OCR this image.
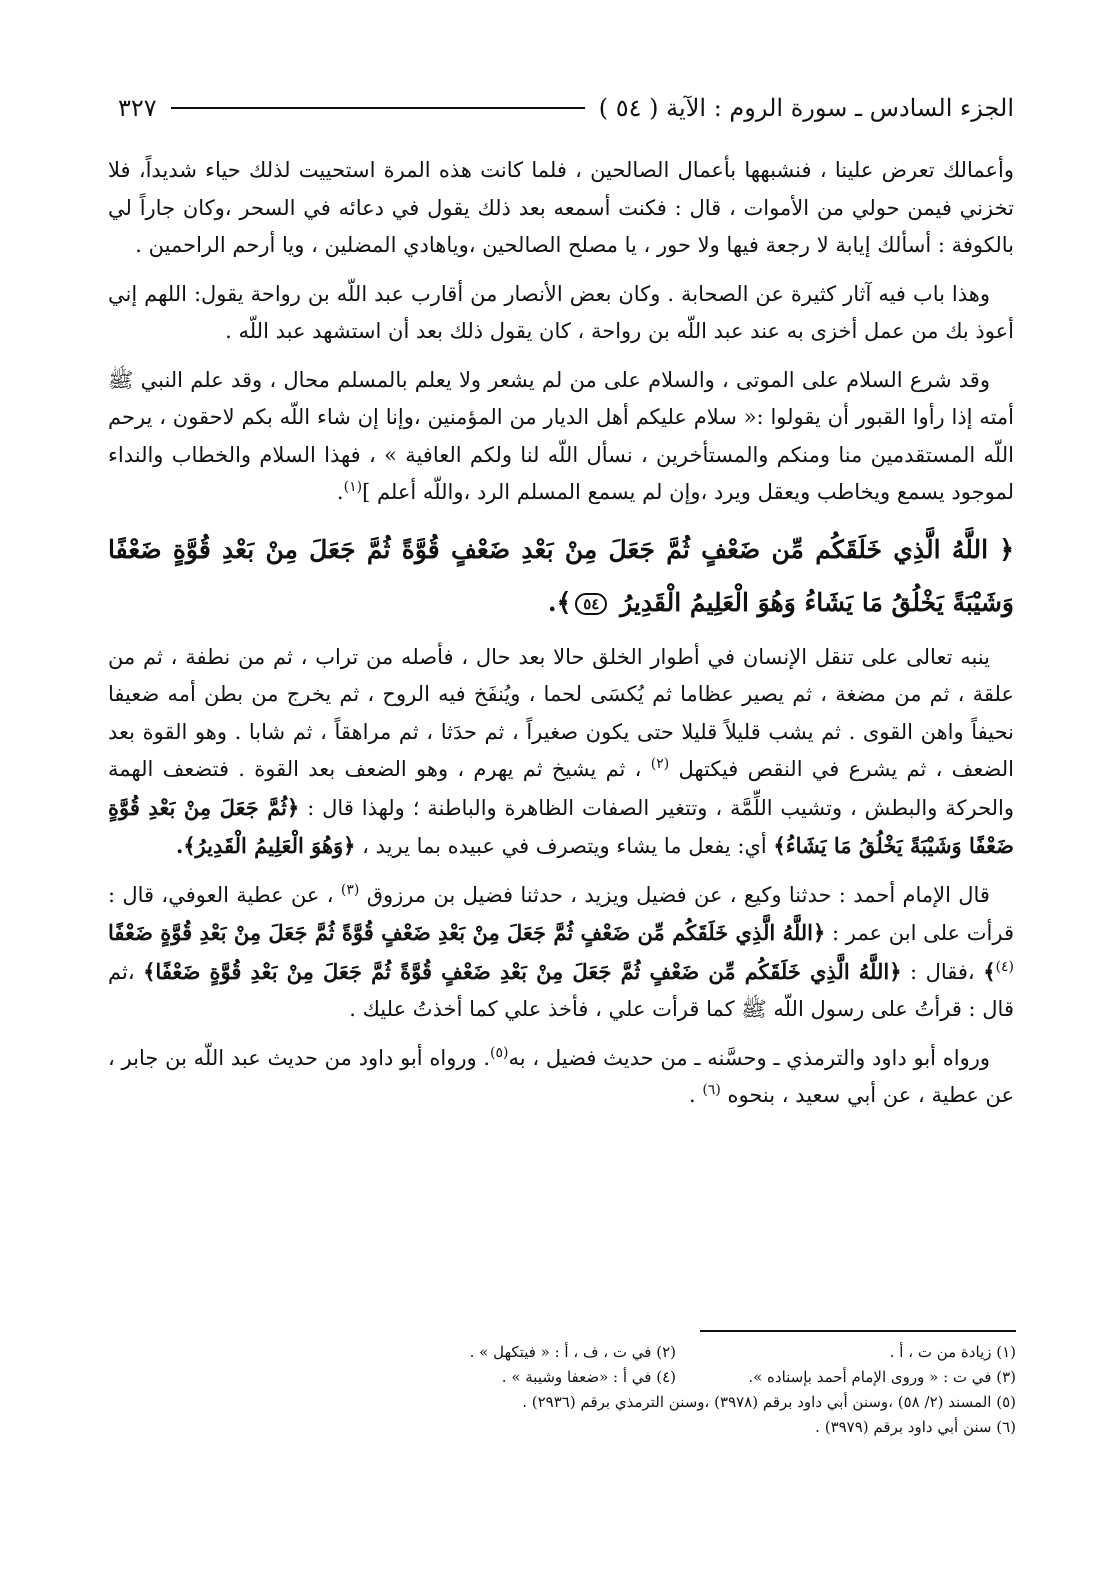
الجزء السادس ـ سورة الروم : الآية ( ٥٤ )
٣٢٧

وأعمالك تعرض علينا ، فنشبهها بأعمال الصالحين ، فلما كانت هذه المرة استحييت لذلك حياء شديداً، فلا تخزني فيمن حولي من الأموات ، قال : فكنت أسمعه بعد ذلك يقول في دعائه في السحر ،وكان جاراً لي بالكوفة : أسألك إيابة لا رجعة فيها ولا حور ، يا مصلح الصالحين ،وياهادي المضلين ، ويا أرحم الراحمين .

وهذا باب فيه آثار كثيرة عن الصحابة . وكان بعض الأنصار من أقارب عبد اللّه بن رواحة يقول: اللهم إني أعوذ بك من عمل أخزى به عند عبد اللّه بن رواحة ، كان يقول ذلك بعد أن استشهد عبد اللّه .

وقد شرع السلام على الموتى ، والسلام على من لم يشعر ولا يعلم بالمسلم محال ، وقد علم النبي ﷺ أمته إذا رأوا القبور أن يقولوا :« سلام عليكم أهل الديار من المؤمنين ،وإنا إن شاء اللّه بكم لاحقون ، يرحم اللّه المستقدمين منا ومنكم والمستأخرين ، نسأل اللّه لنا ولكم العافية » ، فهذا السلام والخطاب والنداء لموجود يسمع ويخاطب ويعقل ويرد ،وإن لم يسمع المسلم الرد ،واللّه أعلم ]$^{(١)}$.

﴿ اللَّهُ الَّذِي خَلَقَكُم مِّن ضَعْفٍ ثُمَّ جَعَلَ مِنْ بَعْدِ ضَعْفٍ قُوَّةً ثُمَّ جَعَلَ مِنْ بَعْدِ قُوَّةٍ ضَعْفًا وَشَيْبَةً يَخْلُقُ مَا يَشَاءُ وَهُوَ الْعَلِيمُ الْقَدِيرُ ٥٤﴾.

ينبه تعالى على تنقل الإنسان في أطوار الخلق حالا بعد حال ، فأصله من تراب ، ثم من نطفة ، ثم من علقة ، ثم من مضغة ، ثم يصير عظاما ثم يُكسَى لحما ، ويُنفَخ فيه الروح ، ثم يخرج من بطن أمه ضعيفا نحيفاً واهن القوى . ثم يشب قليلاً قليلا حتى يكون صغيراً ، ثم حدَثا ، ثم مراهقاً ، ثم شابا . وهو القوة بعد الضعف ، ثم يشرع في النقص فيكتهل $^{(٢)}$ ، ثم يشيخ ثم يهرم ، وهو الضعف بعد القوة . فتضعف الهمة والحركة والبطش ، وتشيب اللِّمَّة ، وتتغير الصفات الظاهرة والباطنة ؛ ولهذا قال : ﴿ثُمَّ جَعَلَ مِنْ بَعْدِ قُوَّةٍ ضَعْفًا وَشَيْبَةً يَخْلُقُ مَا يَشَاءُ﴾ أي: يفعل ما يشاء ويتصرف في عبيده بما يريد ، ﴿وَهُوَ الْعَلِيمُ الْقَدِيرُ﴾.

قال الإمام أحمد : حدثنا وكيع ، عن فضيل ويزيد ، حدثنا فضيل بن مرزوق $^{(٣)}$ ، عن عطية العوفي، قال : قرأت على ابن عمر : ﴿اللَّهُ الَّذِي خَلَقَكُم مِّن ضَعْفٍ ثُمَّ جَعَلَ مِنْ بَعْدِ ضَعْفٍ قُوَّةً ثُمَّ جَعَلَ مِنْ بَعْدِ قُوَّةٍ ضَعْفًا $^{(٤)}$﴾ ،فقال : ﴿اللَّهُ الَّذِي خَلَقَكُم مِّن ضَعْفٍ ثُمَّ جَعَلَ مِنْ بَعْدِ ضَعْفٍ قُوَّةً ثُمَّ جَعَلَ مِنْ بَعْدِ قُوَّةٍ ضَعْفًا﴾ ،ثم قال : قرأتُ على رسول اللّه ﷺ كما قرأت علي ، فأخذ علي كما أخذتُ عليك .

ورواه أبو داود والترمذي ـ وحسَّنه ـ من حديث فضيل ، به$^{(٥)}$. ورواه أبو داود من حديث عبد اللّه بن جابر ، عن عطية ، عن أبي سعيد ، بنحوه $^{(٦)}$ .

(١) زيادة من ت ، أ .
(٢) في ت ، ف ، أ : « فيتكهل » .
(٣) في ت : « وروى الإمام أحمد بإسناده ».
(٤) في أ : «ضعفا وشيبة » .
(٥) المسند (٢/ ٥٨) ،وسنن أبي داود برقم (٣٩٧٨) ،وسنن الترمذي برقم (٢٩٣٦) .
(٦) سنن أبي داود برقم (٣٩٧٩) .
